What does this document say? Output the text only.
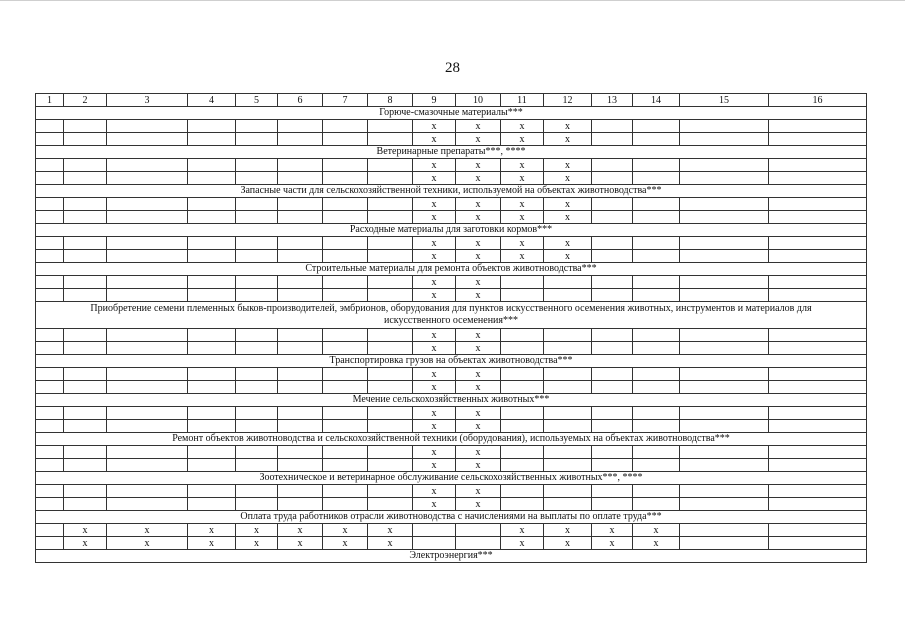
28
1	2	3	4	5	6	7	8	9	10	11	12	13	14	15	16
Горюче-смазочные материалы***															
								x	x	x	x				
								x	x	x	x				
Ветеринарные препараты***, ****															
								x	x	x	x				
								x	x	x	x				
Запасные части для сельскохозяйственной техники, используемой на объектах животноводства***															
								x	x	x	x				
								x	x	x	x				
Расходные материалы для заготовки кормов***															
								x	x	x	x				
								x	x	x	x				
Строительные материалы для ремонта объектов животноводства***															
								x	x						
								x	x						
Приобретение семени племенных быков-производителей, эмбрионов, оборудования для пунктов искусственного осеменения животных, инструментов и материалов для искусственного осеменения***															
								x	x						
								x	x						
Транспортировка грузов на объектах животноводства***															
								x	x						
								x	x						
Мечение сельскохозяйственных животных***															
								x	x						
								x	x						
Ремонт объектов животноводства и сельскохозяйственной техники (оборудования), используемых на объектах животноводства***															
								x	x						
								x	x						
Зоотехническое и ветеринарное обслуживание сельскохозяйственных животных***, ****															
								x	x						
								x	x						
Оплата труда работников отрасли животноводства с начислениями на выплаты по оплате труда***															
	x	x	x	x	x	x	x			x	x	x	x		
	x	x	x	x	x	x	x			x	x	x	x		
Электроэнергия***															
